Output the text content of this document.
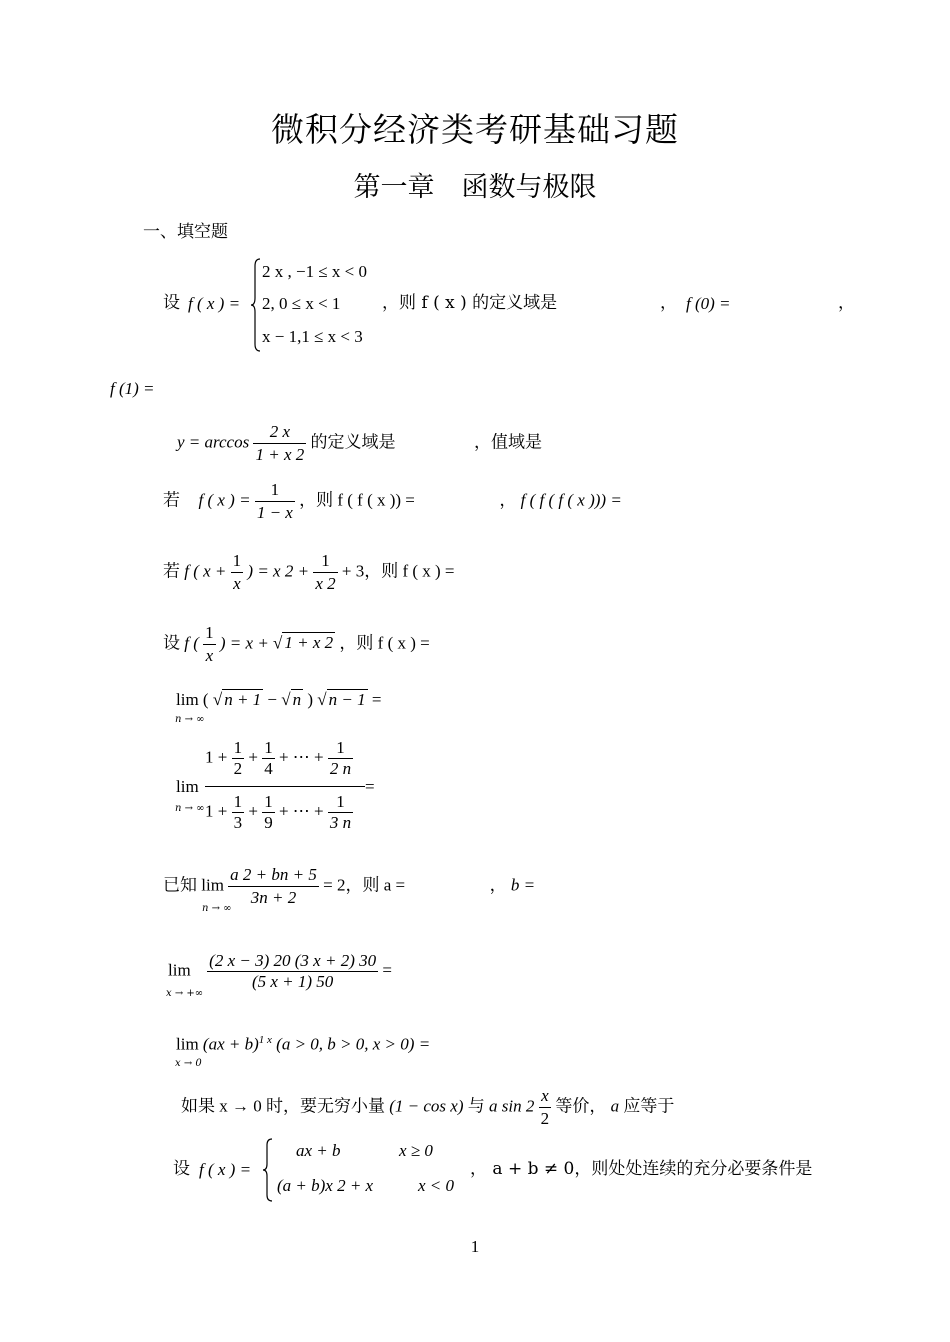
微积分经济类考研基础习题
第一章　函数与极限
一、填空题
设 f ( x ) =
2 x , −1 ≤ x < 0
2, 0 ≤ x < 1
x − 1,1 ≤ x < 3
，则 f ( x ) 的定义域是	， f (0) =	，
f (1) =
$y = \arccos \frac{2 x}{1 + x 2}$ 的定义域是	，值域是
若 f ( x ) = $\frac{1}{1 - x}$ ，则 f ( f ( x )) =	， f ( f ( f ( x ))) =
若 f ( $x + \frac{1}{x}$ ) = x $2 + \frac{1}{x 2} + 3$，则 f ( x ) =
设 f ( $\frac{1}{x}$ ) = x + √ 1 + x 2 ，则 f ( x ) =
lim ( √ n + 1 − √ n ) √ n − 1 =
n → ∞
lim
n → ∞
$1 + \frac{1}{2} + \frac{1}{4}$ + ⋯ + $\frac{1}{2 n}$
=
$1 + \frac{1}{3} + \frac{1}{9}$ + ⋯ + $\frac{1}{3 n}$
已知 $\lim \frac{a 2 + bn + 5}{3n + 2} = 2$，则 a =	， b =
n → ∞
$\lim \frac{(2 x - 3) 20 (3 x + 2) 30}{(5 x + 1) 50}$ =
x → +∞
lim (ax + b)$^{1 x}$ (a > 0, b > 0, x > 0) =
x → 0
如果 x → 0 时，要无穷小量 (1 − cos x) 与 a $\sin 2 \frac{x}{2}$ 等价， a 应等于
设 f ( x ) =
ax + b	x ≥ 0
(a + b)x 2 + x	x < 0
， a + b ≠ 0，则处处连续的充分必要条件是
1
